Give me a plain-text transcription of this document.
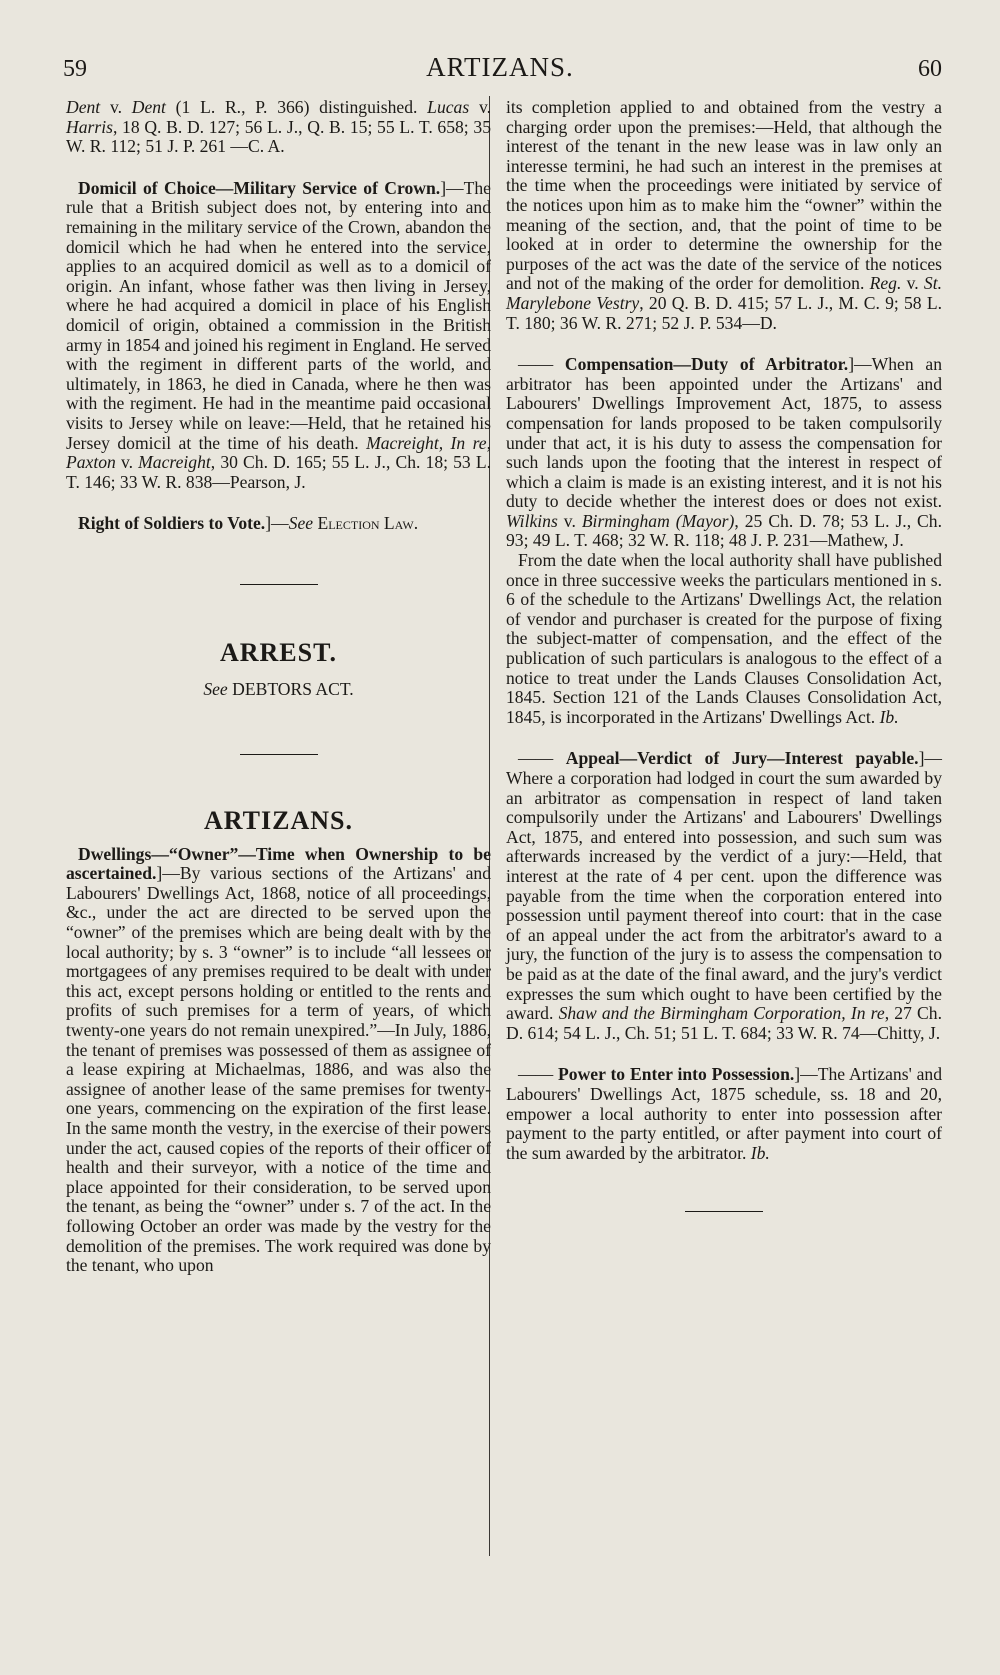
59	ARTIZANS.	60

Dent v. Dent (1 L. R., P. 366) distinguished. Lucas v. Harris, 18 Q. B. D. 127; 56 L. J., Q. B. 15; 55 L. T. 658; 35 W. R. 112; 51 J. P. 261 —C. A.

Domicil of Choice—Military Service of Crown.]—The rule that a British subject does not, by entering into and remaining in the military service of the Crown, abandon the domicil which he had when he entered into the service, applies to an acquired domicil as well as to a domicil of origin. An infant, whose father was then living in Jersey, where he had acquired a domicil in place of his English domicil of origin, obtained a commission in the British army in 1854 and joined his regiment in England. He served with the regiment in different parts of the world, and ultimately, in 1863, he died in Canada, where he then was with the regiment. He had in the meantime paid occasional visits to Jersey while on leave:—Held, that he retained his Jersey domicil at the time of his death. Macreight, In re, Paxton v. Macreight, 30 Ch. D. 165; 55 L. J., Ch. 18; 53 L. T. 146; 33 W. R. 838—Pearson, J.

Right of Soldiers to Vote.]—See Election Law.

ARREST.

See DEBTORS ACT.

ARTIZANS.

Dwellings—“Owner”—Time when Ownership to be ascertained.]—By various sections of the Artizans' and Labourers' Dwellings Act, 1868, notice of all proceedings, &c., under the act are directed to be served upon the “owner” of the premises which are being dealt with by the local authority; by s. 3 “owner” is to include “all lessees or mortgagees of any premises required to be dealt with under this act, except persons holding or entitled to the rents and profits of such premises for a term of years, of which twenty-one years do not remain unexpired.”—In July, 1886, the tenant of premises was possessed of them as assignee of a lease expiring at Michaelmas, 1886, and was also the assignee of another lease of the same premises for twenty-one years, commencing on the expiration of the first lease. In the same month the vestry, in the exercise of their powers under the act, caused copies of the reports of their officer of health and their surveyor, with a notice of the time and place appointed for their consideration, to be served upon the tenant, as being the “owner” under s. 7 of the act. In the following October an order was made by the vestry for the demolition of the premises. The work required was done by the tenant, who upon

its completion applied to and obtained from the vestry a charging order upon the premises:—Held, that although the interest of the tenant in the new lease was in law only an interesse termini, he had such an interest in the premises at the time when the proceedings were initiated by service of the notices upon him as to make him the “owner” within the meaning of the section, and, that the point of time to be looked at in order to determine the ownership for the purposes of the act was the date of the service of the notices and not of the making of the order for demolition. Reg. v. St. Marylebone Vestry, 20 Q. B. D. 415; 57 L. J., M. C. 9; 58 L. T. 180; 36 W. R. 271; 52 J. P. 534—D.

—— Compensation—Duty of Arbitrator.]—When an arbitrator has been appointed under the Artizans' and Labourers' Dwellings Improvement Act, 1875, to assess compensation for lands proposed to be taken compulsorily under that act, it is his duty to assess the compensation for such lands upon the footing that the interest in respect of which a claim is made is an existing interest, and it is not his duty to decide whether the interest does or does not exist. Wilkins v. Birmingham (Mayor), 25 Ch. D. 78; 53 L. J., Ch. 93; 49 L. T. 468; 32 W. R. 118; 48 J. P. 231—Mathew, J.

From the date when the local authority shall have published once in three successive weeks the particulars mentioned in s. 6 of the schedule to the Artizans' Dwellings Act, the relation of vendor and purchaser is created for the purpose of fixing the subject-matter of compensation, and the effect of the publication of such particulars is analogous to the effect of a notice to treat under the Lands Clauses Consolidation Act, 1845. Section 121 of the Lands Clauses Consolidation Act, 1845, is incorporated in the Artizans' Dwellings Act. Ib.

—— Appeal—Verdict of Jury—Interest payable.]—Where a corporation had lodged in court the sum awarded by an arbitrator as compensation in respect of land taken compulsorily under the Artizans' and Labourers' Dwellings Act, 1875, and entered into possession, and such sum was afterwards increased by the verdict of a jury:—Held, that interest at the rate of 4 per cent. upon the difference was payable from the time when the corporation entered into possession until payment thereof into court: that in the case of an appeal under the act from the arbitrator's award to a jury, the function of the jury is to assess the compensation to be paid as at the date of the final award, and the jury's verdict expresses the sum which ought to have been certified by the award. Shaw and the Birmingham Corporation, In re, 27 Ch. D. 614; 54 L. J., Ch. 51; 51 L. T. 684; 33 W. R. 74—Chitty, J.

—— Power to Enter into Possession.]—The Artizans' and Labourers' Dwellings Act, 1875 schedule, ss. 18 and 20, empower a local authority to enter into possession after payment to the party entitled, or after payment into court of the sum awarded by the arbitrator. Ib.
